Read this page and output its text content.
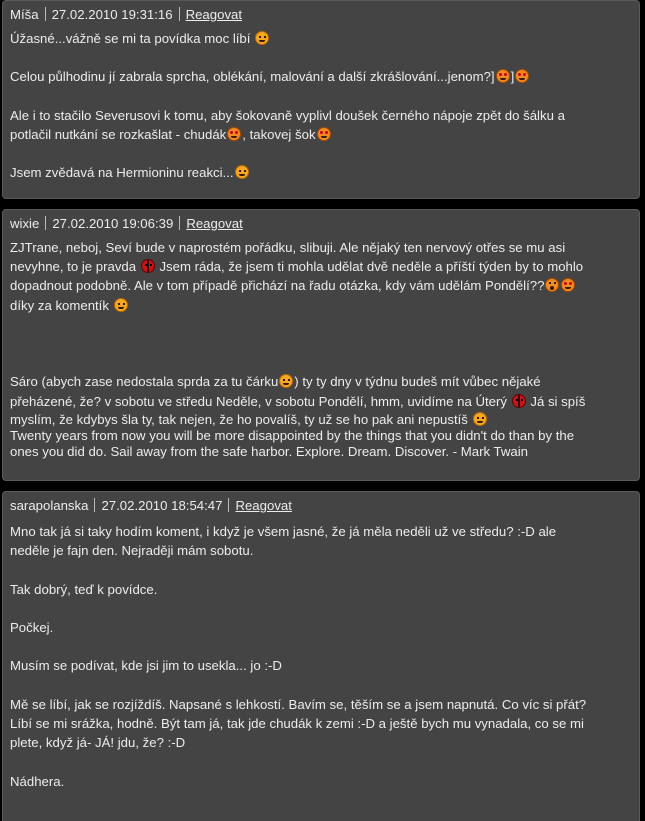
Míša 27.02.2010 19:31:16 Reagovat

Úžasné...vážně se mi ta povídka moc líbí

Celou půlhodinu jí zabrala sprcha, oblékání, malování a další zkrášlování...jenom?] ]

Ale i to stačilo Severusovi k tomu, aby šokovaně vyplivl doušek černého nápoje zpět do šálku a

potlačil nutkání se rozkašlat - chudák , takovej šok

Jsem zvědavá na Hermioninu reakci...

wixie 27.02.2010 19:06:39 Reagovat

ZJTrane, neboj, Seví bude v naprostém pořádku, slibuji. Ale nějaký ten nervový otřes se mu asi

nevyhne, to je pravda  Jsem ráda, že jsem ti mohla udělat dvě neděle a příští týden by to mohlo

dopadnout podobně. Ale v tom případě přichází na řadu otázka, kdy vám udělám Pondělí??

díky za komentík

Sáro (abych zase nedostala sprda za tu čárku ) ty ty dny v týdnu budeš mít vůbec nějaké

přeházené, že? v sobotu ve středu Neděle, v sobotu Pondělí, hmm, uvidíme na Úterý  Já si spíš

myslím, že kdybys šla ty, tak nejen, že ho povalíš, ty už se ho pak ani nepustíš

Twenty years from now you will be more disappointed by the things that you didn't do than by the

ones you did do. Sail away from the safe harbor. Explore. Dream. Discover. - Mark Twain

sarapolanska 27.02.2010 18:54:47 Reagovat

Mno tak já si taky hodím koment, i když je všem jasné, že já měla neděli už ve středu? :-D ale

neděle je fajn den. Nejraději mám sobotu.

Tak dobrý, teď k povídce.

Počkej.

Musím se podívat, kde jsi jim to usekla... jo :-D

Mě se líbí, jak se rozjíždíš. Napsané s lehkostí. Bavím se, těším se a jsem napnutá. Co víc si přát?

Líbí se mi srážka, hodně. Být tam já, tak jde chudák k zemi :-D a ještě bych mu vynadala, co se mi

plete, když já- JÁ! jdu, že? :-D

Nádhera.
